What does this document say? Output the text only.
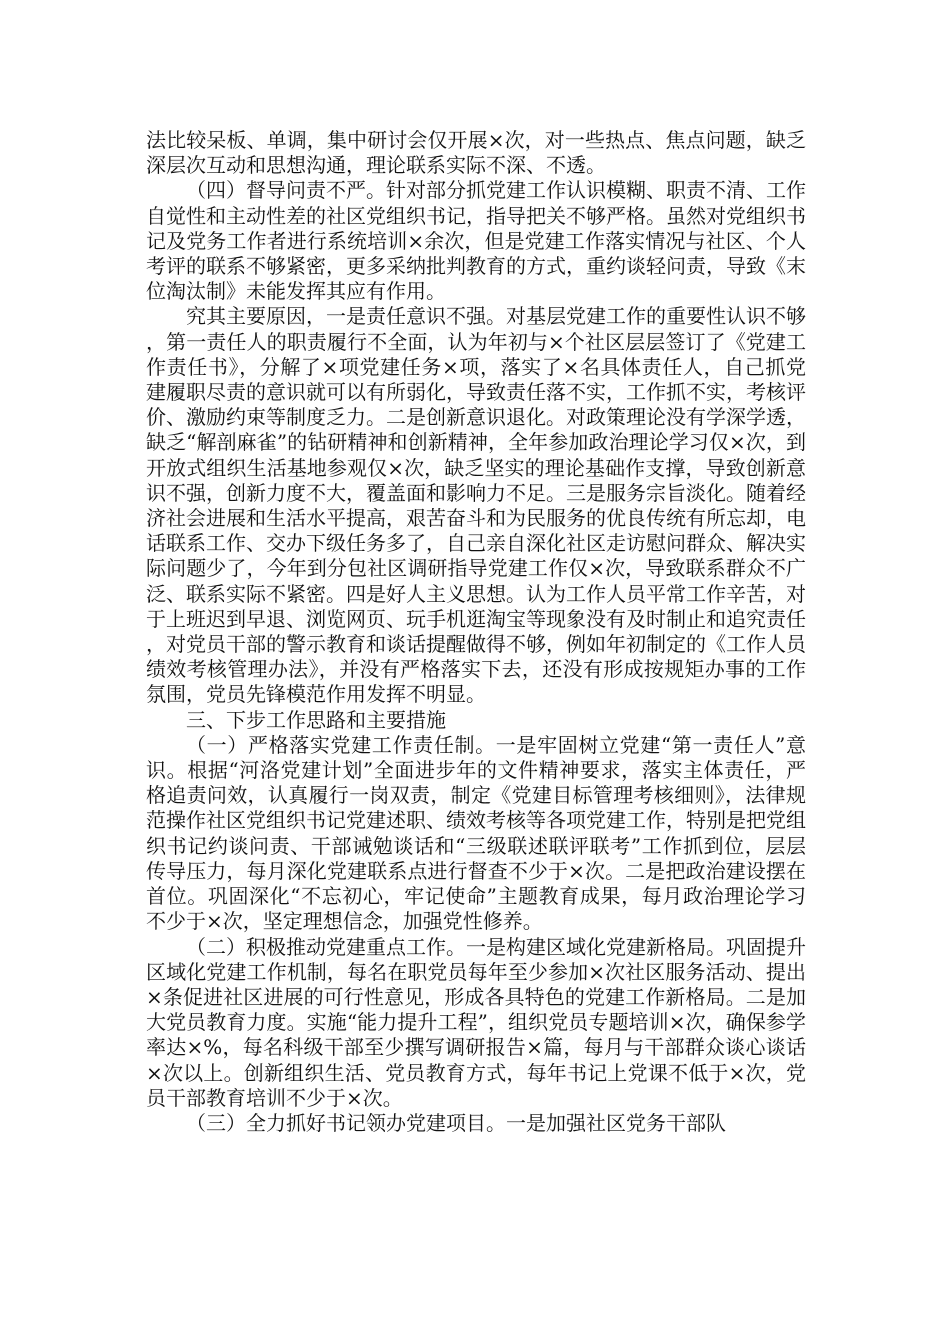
法比较呆板、单调，集中研讨会仅开展×次，对一些热点、焦点问题，缺乏深层次互动和思想沟通，理论联系实际不深、不透。

（四）督导问责不严。针对部分抓党建工作认识模糊、职责不清、工作自觉性和主动性差的社区党组织书记，指导把关不够严格。虽然对党组织书记及党务工作者进行系统培训×余次，但是党建工作落实情况与社区、个人考评的联系不够紧密，更多采纳批判教育的方式，重约谈轻问责，导致《末位淘汰制》未能发挥其应有作用。

究其主要原因，一是责任意识不强。对基层党建工作的重要性认识不够，第一责任人的职责履行不全面，认为年初与×个社区层层签订了《党建工作责任书》，分解了×项党建任务×项，落实了×名具体责任人，自己抓党建履职尽责的意识就可以有所弱化，导致责任落不实，工作抓不实，考核评价、激励约束等制度乏力。二是创新意识退化。对政策理论没有学深学透，缺乏“解剖麻雀”的钻研精神和创新精神，全年参加政治理论学习仅×次，到开放式组织生活基地参观仅×次，缺乏坚实的理论基础作支撑，导致创新意识不强，创新力度不大，覆盖面和影响力不足。三是服务宗旨淡化。随着经济社会进展和生活水平提高，艰苦奋斗和为民服务的优良传统有所忘却，电话联系工作、交办下级任务多了，自己亲自深化社区走访慰问群众、解决实际问题少了，今年到分包社区调研指导党建工作仅×次，导致联系群众不广泛、联系实际不紧密。四是好人主义思想。认为工作人员平常工作辛苦，对于上班迟到早退、浏览网页、玩手机逛淘宝等现象没有及时制止和追究责任，对党员干部的警示教育和谈话提醒做得不够，例如年初制定的《工作人员绩效考核管理办法》，并没有严格落实下去，还没有形成按规矩办事的工作氛围，党员先锋模范作用发挥不明显。

三、下步工作思路和主要措施

（一）严格落实党建工作责任制。一是牢固树立党建“第一责任人”意识。根据“河洛党建计划”全面进步年的文件精神要求，落实主体责任，严格追责问效，认真履行一岗双责，制定《党建目标管理考核细则》，法律规范操作社区党组织书记党建述职、绩效考核等各项党建工作，特别是把党组织书记约谈问责、干部诫勉谈话和“三级联述联评联考”工作抓到位，层层传导压力，每月深化党建联系点进行督查不少于×次。二是把政治建设摆在首位。巩固深化“不忘初心，牢记使命”主题教育成果，每月政治理论学习不少于×次，坚定理想信念，加强党性修养。

（二）积极推动党建重点工作。一是构建区域化党建新格局。巩固提升区域化党建工作机制，每名在职党员每年至少参加×次社区服务活动、提出×条促进社区进展的可行性意见，形成各具特色的党建工作新格局。二是加大党员教育力度。实施“能力提升工程”，组织党员专题培训×次，确保参学率达×%，每名科级干部至少撰写调研报告×篇，每月与干部群众谈心谈话×次以上。创新组织生活、党员教育方式，每年书记上党课不低于×次，党员干部教育培训不少于×次。

（三）全力抓好书记领办党建项目。一是加强社区党务干部队
